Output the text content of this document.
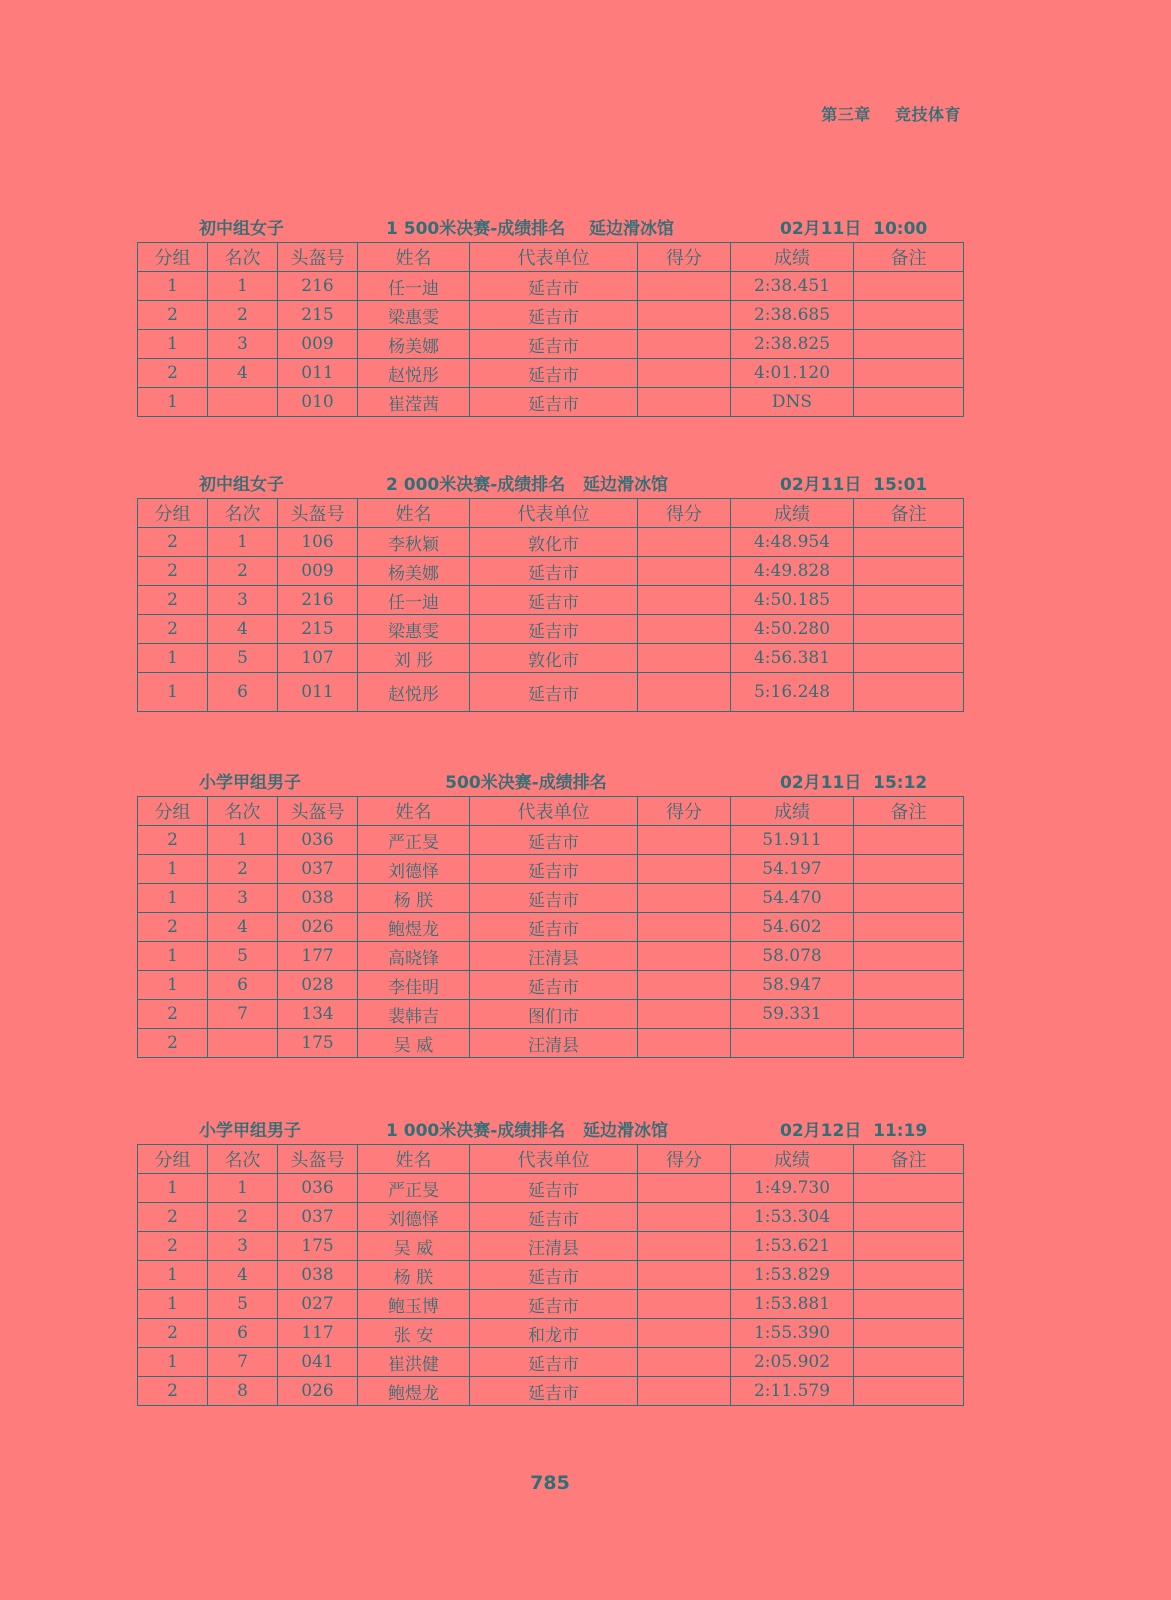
第三章    竞技体育
初中组女子	1 500米决赛-成绩排名    延边滑冰馆	02月11日  10:00
分组	名次	头盔号	姓名	代表单位	得分	成绩	备注
1	1	216	任一迪	延吉市		2:38.451	
2	2	215	梁惠雯	延吉市		2:38.685	
1	3	009	杨美娜	延吉市		2:38.825	
2	4	011	赵悦彤	延吉市		4:01.120	
1		010	崔滢茜	延吉市		DNS	
初中组女子	2 000米决赛-成绩排名   延边滑冰馆	02月11日  15:01
分组	名次	头盔号	姓名	代表单位	得分	成绩	备注
2	1	106	李秋颖	敦化市		4:48.954	
2	2	009	杨美娜	延吉市		4:49.828	
2	3	216	任一迪	延吉市		4:50.185	
2	4	215	梁惠雯	延吉市		4:50.280	
1	5	107	刘 彤	敦化市		4:56.381	
1	6	011	赵悦彤	延吉市		5:16.248	
小学甲组男子	500米决赛-成绩排名	02月11日  15:12
分组	名次	头盔号	姓名	代表单位	得分	成绩	备注
2	1	036	严正旻	延吉市		51.911	
1	2	037	刘德怿	延吉市		54.197	
1	3	038	杨 朕	延吉市		54.470	
2	4	026	鲍煜龙	延吉市		54.602	
1	5	177	高晓锋	汪清县		58.078	
1	6	028	李佳明	延吉市		58.947	
2	7	134	裴韩吉	图们市		59.331	
2		175	吴 威	汪清县			
小学甲组男子	1 000米决赛-成绩排名   延边滑冰馆	02月12日  11:19
分组	名次	头盔号	姓名	代表单位	得分	成绩	备注
1	1	036	严正旻	延吉市		1:49.730	
2	2	037	刘德怿	延吉市		1:53.304	
2	3	175	吴 威	汪清县		1:53.621	
1	4	038	杨 朕	延吉市		1:53.829	
1	5	027	鲍玉博	延吉市		1:53.881	
2	6	117	张 安	和龙市		1:55.390	
1	7	041	崔洪健	延吉市		2:05.902	
2	8	026	鲍煜龙	延吉市		2:11.579	
785
